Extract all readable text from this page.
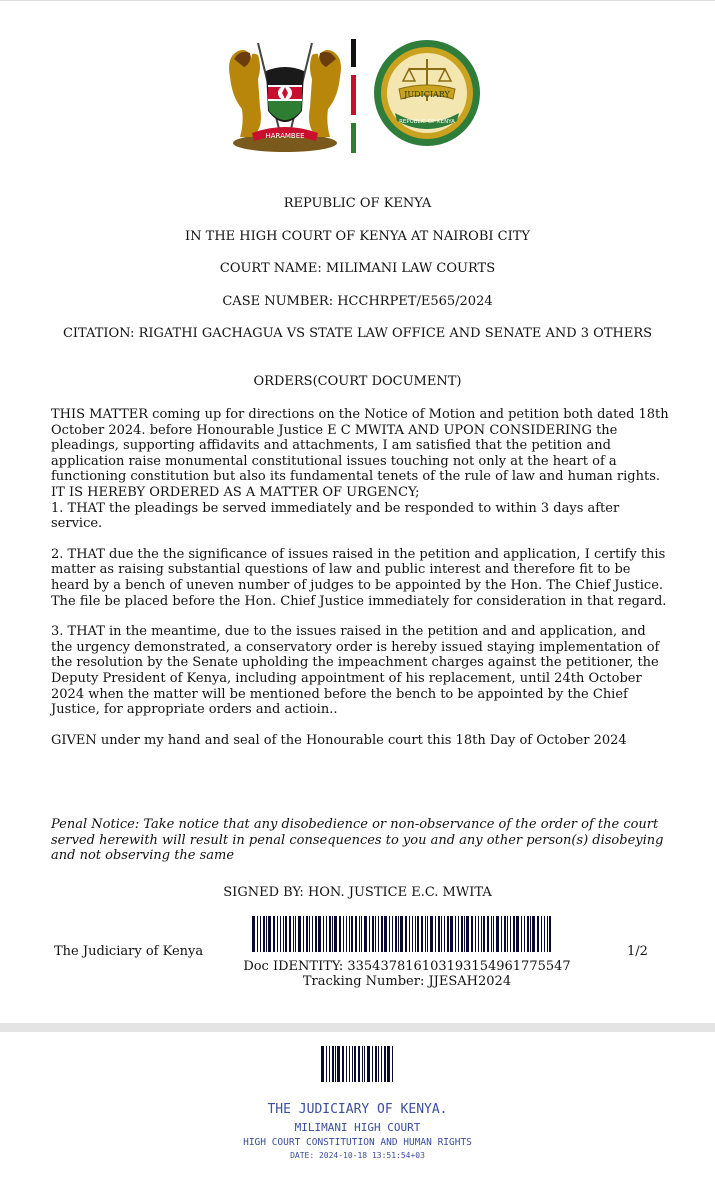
HARAMBEE
JUDICIARY
REPUBLIC OF KENYA
REPUBLIC OF KENYA
IN THE HIGH COURT OF KENYA AT NAIROBI CITY
COURT NAME: MILIMANI LAW COURTS
CASE NUMBER: HCCHRPET/E565/2024
CITATION: RIGATHI GACHAGUA VS STATE LAW OFFICE AND SENATE AND 3 OTHERS
ORDERS(COURT DOCUMENT)

THIS MATTER coming up for directions on the Notice of Motion and petition both dated 18th October 2024. before Honourable Justice E C MWITA AND UPON CONSIDERING the pleadings, supporting affidavits and attachments, I am satisfied that the petition and application raise monumental constitutional issues touching not only at the heart of a functioning constitution but also its fundamental tenets of the rule of law and human rights.

IT IS HEREBY ORDERED AS A MATTER OF URGENCY;

1. THAT the pleadings be served immediately and be responded to within 3 days after service.

2. THAT due the the significance of issues raised in the petition and application, I certify this matter as raising substantial questions of law and public interest and therefore fit to be heard by a bench of uneven number of judges to be appointed by the Hon. The Chief Justice. The file be placed before the Hon. Chief Justice immediately for consideration in that regard.

3. THAT in the meantime, due to the issues raised in the petition and and application, and the urgency demonstrated, a conservatory order is hereby issued staying implementation of the resolution by the Senate upholding the impeachment charges against the petitioner, the Deputy President of Kenya, including appointment of his replacement, until 24th October 2024 when the matter will be mentioned before the bench to be appointed by the Chief Justice, for appropriate orders and actioin..

GIVEN under my hand and seal of the Honourable court this 18th Day of October 2024

Penal Notice: Take notice that any disobedience or non-observance of the order of the court served herewith will result in penal consequences to you and any other person(s) disobeying and not observing the same
SIGNED BY: HON. JUSTICE E.C. MWITA
The Judiciary of Kenya	1/2
Doc IDENTITY: 335437816103193154961775547 Tracking Number: JJESAH2024
THE JUDICIARY OF KENYA.
MILIMANI HIGH COURT
HIGH COURT CONSTITUTION AND HUMAN RIGHTS
DATE: 2024-10-18 13:51:54+03
